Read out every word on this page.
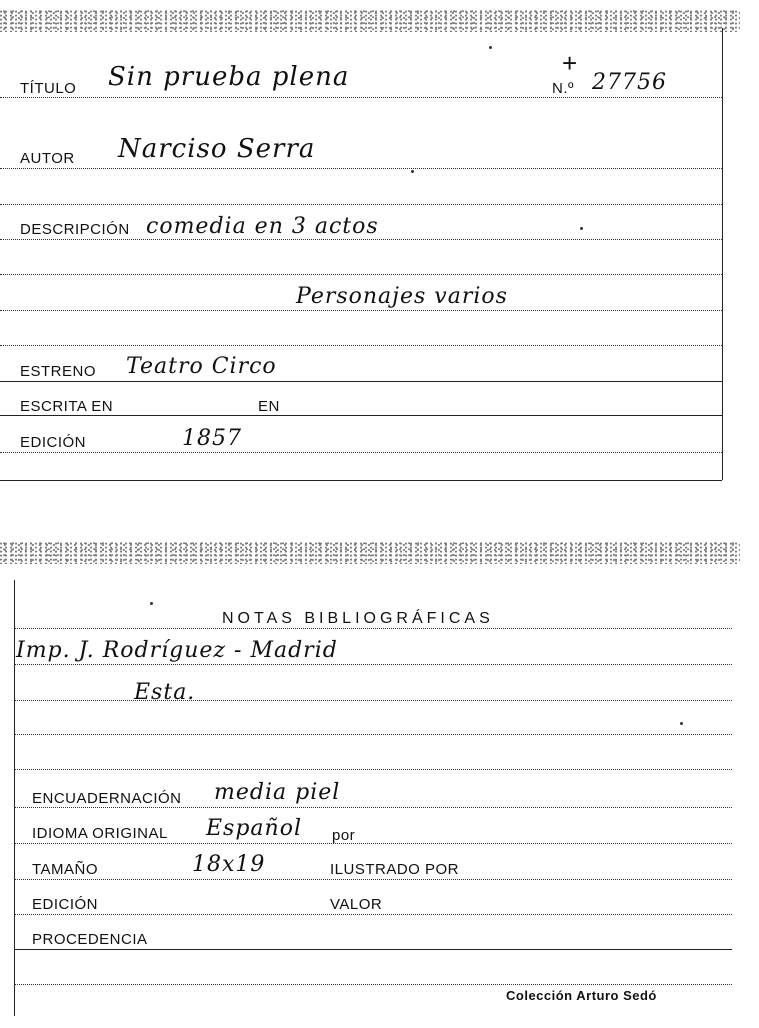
TÍTULO Sin prueba plena	+
N.º 27756
AUTOR Narciso Serra
DESCRIPCIÓN comedia en 3 actos
Personajes varios
ESTRENO Teatro Circo
ESCRITA EN	EN
EDICIÓN	1857
NOTAS BIBLIOGRÁFICAS
Imp. J. Rodríguez - Madrid
Esta.
ENCUADERNACIÓN media piel
IDIOMA ORIGINAL Español por
TAMAÑO	18x19	ILUSTRADO POR
EDICIÓN	VALOR
PROCEDENCIA
Colección Arturo Sedó
